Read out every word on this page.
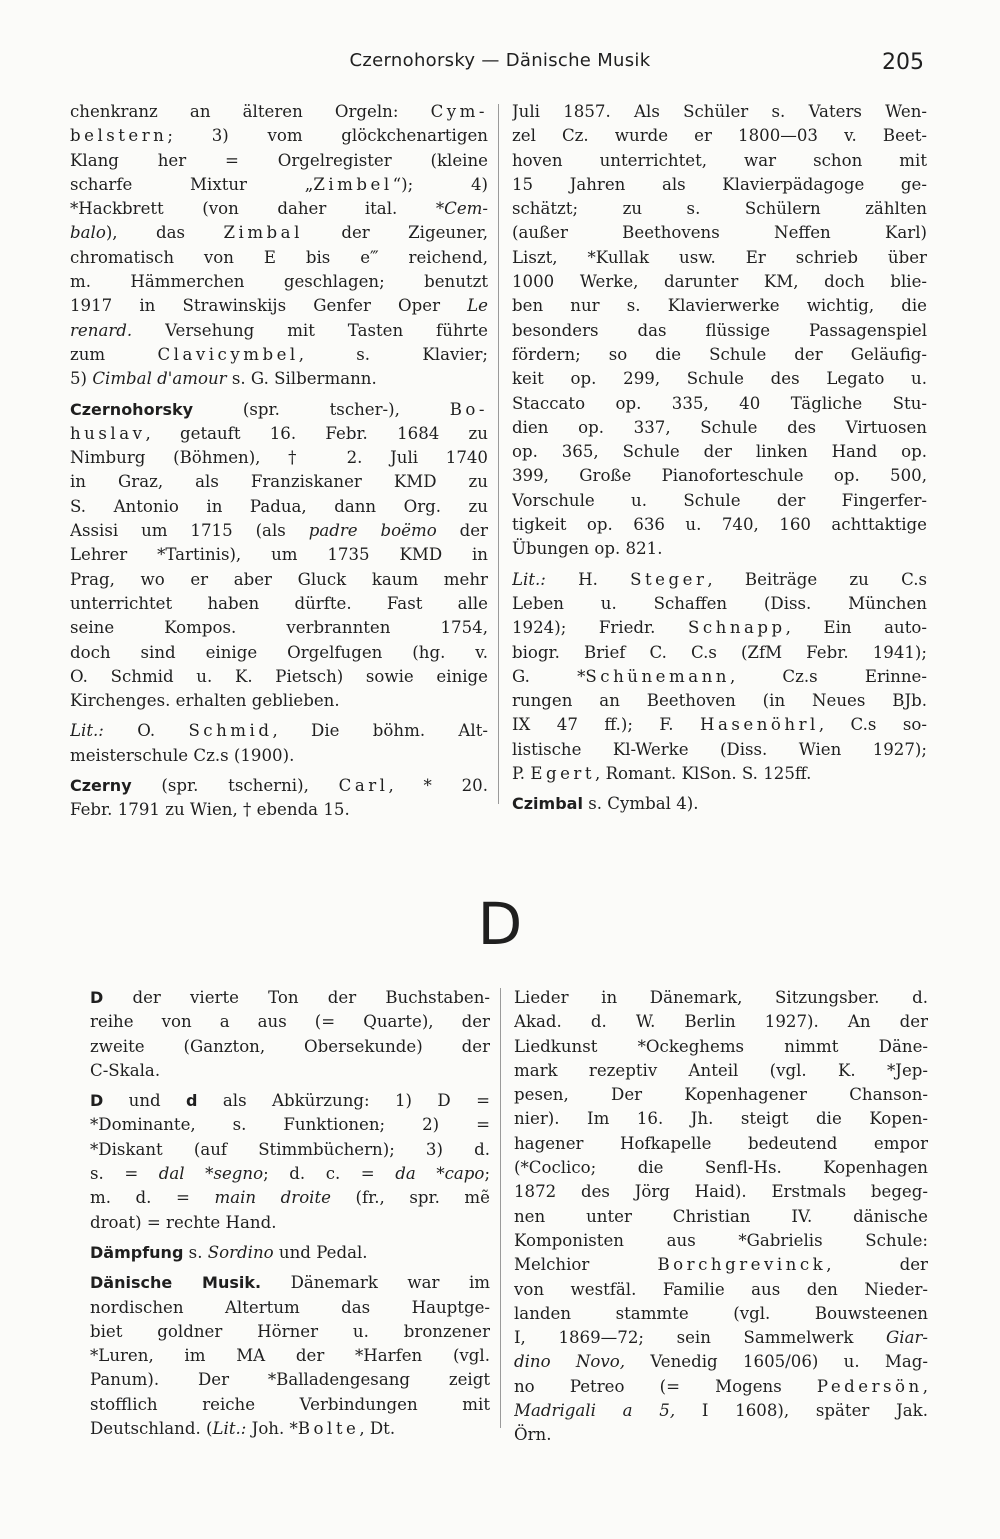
Czernohorsky — Dänische Musik	205

chenkranz an älteren Orgeln: Cym-
belstern; 3) vom glöckchenartigen
Klang her = Orgelregister (kleine
scharfe Mixtur „Zimbel“); 4)
*Hackbrett (von daher ital. *Cem-
balo), das Zimbal der Zigeuner,
chromatisch von E bis e‴ reichend,
m. Hämmerchen geschlagen; benutzt
1917 in Strawinskijs Genfer Oper Le
renard. Versehung mit Tasten führte
zum Clavicymbel, s. Klavier;
5) Cimbal d'amour s. G. Silbermann.

Czernohorsky (spr. tscher-), Bo-
huslav, getauft 16. Febr. 1684 zu
Nimburg (Böhmen), † 2. Juli 1740
in Graz, als Franziskaner KMD zu
S. Antonio in Padua, dann Org. zu
Assisi um 1715 (als padre boëmo der
Lehrer *Tartinis), um 1735 KMD in
Prag, wo er aber Gluck kaum mehr
unterrichtet haben dürfte. Fast alle
seine Kompos. verbrannten 1754,
doch sind einige Orgelfugen (hg. v.
O. Schmid u. K. Pietsch) sowie einige
Kirchenges. erhalten geblieben.

Lit.: O. Schmid, Die böhm. Alt-
meisterschule Cz.s (1900).

Czerny (spr. tscherni), Carl, * 20.
Febr. 1791 zu Wien, † ebenda 15.

Juli 1857. Als Schüler s. Vaters Wen-
zel Cz. wurde er 1800—03 v. Beet-
hoven unterrichtet, war schon mit
15 Jahren als Klavierpädagoge ge-
schätzt; zu s. Schülern zählten
(außer Beethovens Neffen Karl)
Liszt, *Kullak usw. Er schrieb über
1000 Werke, darunter KM, doch blie-
ben nur s. Klavierwerke wichtig, die
besonders das flüssige Passagenspiel
fördern; so die Schule der Geläufig-
keit op. 299, Schule des Legato u.
Staccato op. 335, 40 Tägliche Stu-
dien op. 337, Schule des Virtuosen
op. 365, Schule der linken Hand op.
399, Große Pianoforteschule op. 500,
Vorschule u. Schule der Fingerfer-
tigkeit op. 636 u. 740, 160 achttaktige
Übungen op. 821.

Lit.: H. Steger, Beiträge zu C.s
Leben u. Schaffen (Diss. München
1924); Friedr. Schnapp, Ein auto-
biogr. Brief C. C.s (ZfM Febr. 1941);
G. *Schünemann, Cz.s Erinne-
rungen an Beethoven (in Neues BJb.
IX 47 ff.); F. Hasenöhrl, C.s so-
listische Kl-Werke (Diss. Wien 1927);
P. Egert, Romant. KlSon. S. 125ff.

Czimbal s. Cymbal 4).

D

D der vierte Ton der Buchstaben-
reihe von a aus (= Quarte), der
zweite (Ganzton, Obersekunde) der
C-Skala.

D und d als Abkürzung: 1) D =
*Dominante, s. Funktionen; 2) =
*Diskant (auf Stimmbüchern); 3) d.
s. = dal *segno; d. c. = da *capo;
m. d. = main droite (fr., spr. mẽ
droat) = rechte Hand.

Dämpfung s. Sordino und Pedal.

Dänische Musik. Dänemark war im
nordischen Altertum das Hauptge-
biet goldner Hörner u. bronzener
*Luren, im MA der *Harfen (vgl.
Panum). Der *Balladengesang zeigt
stofflich reiche Verbindungen mit
Deutschland. (Lit.: Joh. *Bolte, Dt.

Lieder in Dänemark, Sitzungsber. d.
Akad. d. W. Berlin 1927). An der
Liedkunst *Ockeghems nimmt Däne-
mark rezeptiv Anteil (vgl. K. *Jep-
pesen, Der Kopenhagener Chanson-
nier). Im 16. Jh. steigt die Kopen-
hagener Hofkapelle bedeutend empor
(*Coclico; die Senfl-Hs. Kopenhagen
1872 des Jörg Haid). Erstmals begeg-
nen unter Christian IV. dänische
Komponisten aus *Gabrielis Schule:
Melchior Borchgrevinck, der
von westfäl. Familie aus den Nieder-
landen stammte (vgl. Bouwsteenen
I, 1869—72; sein Sammelwerk Giar-
dino Novo, Venedig 1605/06) u. Mag-
no Petreo (= Mogens Pedersön,
Madrigali a 5, I 1608), später Jak.
Örn.
